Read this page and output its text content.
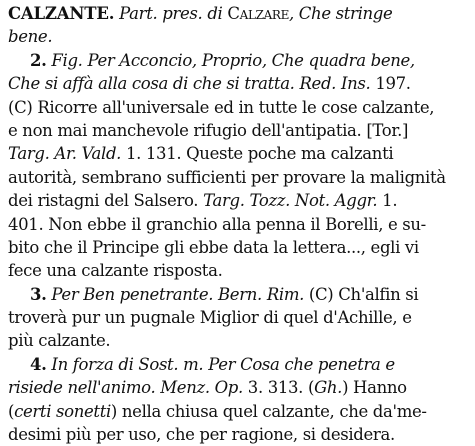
CALZANTE. Part. pres. di Calzare, Che stringe
bene.
2. Fig. Per Acconcio, Proprio, Che quadra bene,
Che si affà alla cosa di che si tratta. Red. Ins. 197.
(C) Ricorre all'universale ed in tutte le cose calzante,
e non mai manchevole rifugio dell'antipatia. [Tor.]
Targ. Ar. Vald. 1. 131. Queste poche ma calzanti
autorità, sembrano sufficienti per provare la malignità
dei ristagni del Salsero. Targ. Tozz. Not. Aggr. 1.
401. Non ebbe il granchio alla penna il Borelli, e su-
bito che il Principe gli ebbe data la lettera..., egli vi
fece una calzante risposta.
3. Per Ben penetrante. Bern. Rim. (C) Ch'alfin si
troverà pur un pugnale Miglior di quel d'Achille, e
più calzante.
4. In forza di Sost. m. Per Cosa che penetra e
risiede nell'animo. Menz. Op. 3. 313. (Gh.) Hanno
(certi sonetti) nella chiusa quel calzante, che da'me-
desimi più per uso, che per ragione, si desidera.
